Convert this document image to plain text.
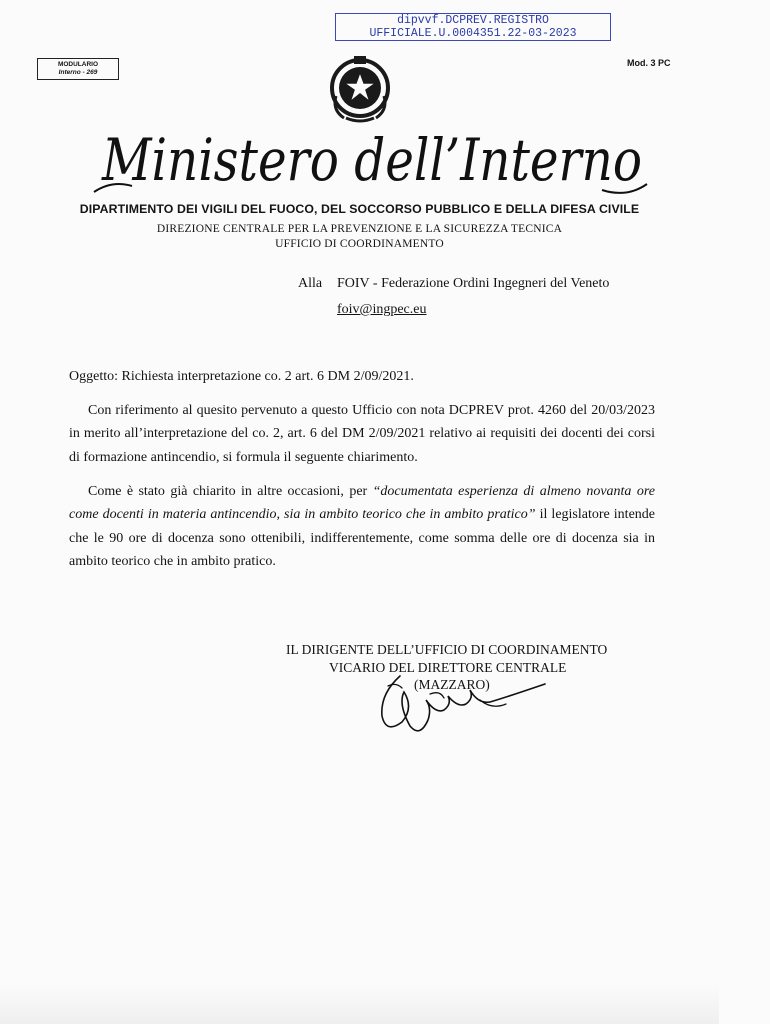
dipvvf.DCPREV.REGISTRO
UFFICIALE.U.0004351.22-03-2023
MODULARIO
Interno - 269
Mod. 3 PC
Ministero dell’Interno
DIPARTIMENTO DEI VIGILI DEL FUOCO, DEL SOCCORSO PUBBLICO E DELLA DIFESA CIVILE
DIREZIONE CENTRALE PER LA PREVENZIONE E LA SICUREZZA TECNICA
UFFICIO DI COORDINAMENTO
Alla FOIV - Federazione Ordini Ingegneri del Veneto
foiv@ingpec.eu
Oggetto: Richiesta interpretazione co. 2 art. 6 DM 2/09/2021.

Con riferimento al quesito pervenuto a questo Ufficio con nota DCPREV prot. 4260 del 20/03/2023 in merito all’interpretazione del co. 2, art. 6 del DM 2/09/2021 relativo ai requisiti dei docenti dei corsi di formazione antincendio, si formula il seguente chiarimento.

Come è stato già chiarito in altre occasioni, per “documentata esperienza di almeno novanta ore come docenti in materia antincendio, sia in ambito teorico che in ambito pratico” il legislatore intende che le 90 ore di docenza sono ottenibili, indifferentemente, come somma delle ore di docenza sia in ambito teorico che in ambito pratico.

IL DIRIGENTE DELL’UFFICIO DI COORDINAMENTO
VICARIO DEL DIRETTORE CENTRALE
(MAZZARO)
